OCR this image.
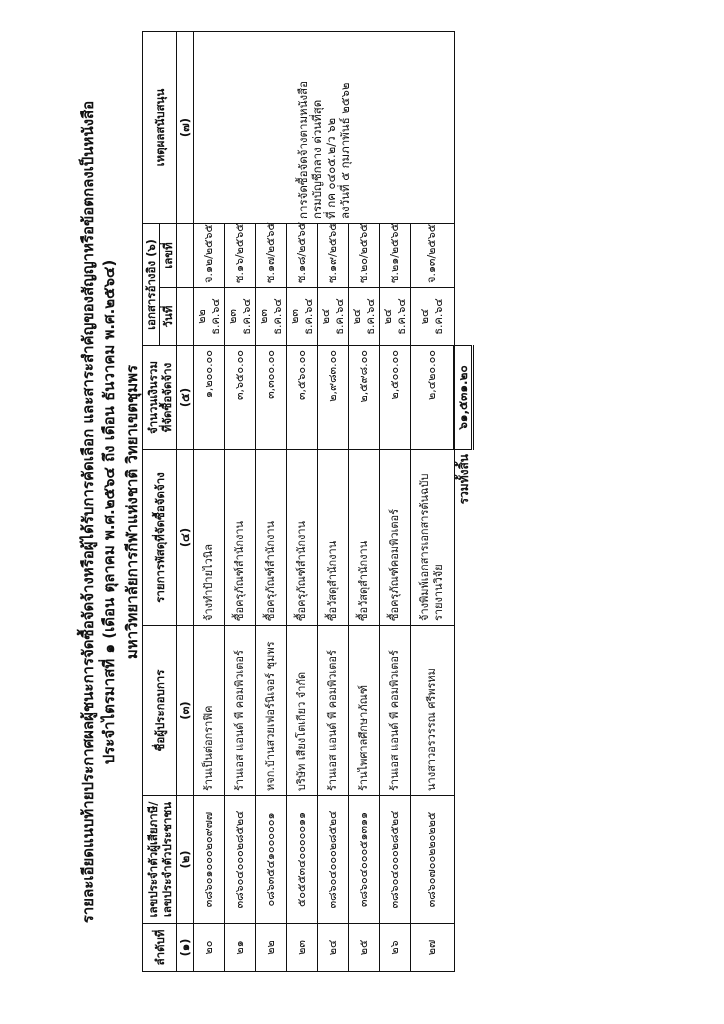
รายละเอียดแนบท้ายประกาศผลผู้ชนะการจัดซื้อจัดจ้างหรือผู้ได้รับการคัดเลือก และสาระสำคัญของสัญญาหรือข้อตกลงเป็นหนังสือ ประจำไตรมาสที่ ๑ (เดือน ตุลาคม พ.ศ.๒๕๖๔ ถึง เดือน ธันวาคม พ.ศ.๒๕๖๔) มหาวิทยาลัยการกีฬาแห่งชาติ วิทยาเขตชุมพร
ลำดับที่	เลขประจำตัวผู้เสียภาษี/ เลขประจำตัวประชาชน	ชื่อผู้ประกอบการ	รายการพัสดุที่จัดซื้อจัดจ้าง	จำนวนเงินรวม ที่จัดซื้อจัดจ้าง	เอกสารอ้างอิง (๖)		เหตุผลสนับสนุน

					วันที่	เลขที่	
(๑)	(๒)	(๓)	(๔)	(๕)			(๗)
๒๐	๓๘๖๐๑๐๐๐๒๐๙๗๗	ร้านเป็นต่อกราฟิค	จ้างทำป้ายไวนิล	๑,๒๐๐.๐๐	๒๒ ธ.ค.๖๔	จ.๑๒/๒๕๖๕	การจัดซื้อจัดจ้างตามหนังสือ กรมบัญชีกลาง ด่วนที่สุด ที่ กค ๐๔๐๕.๒/ว ๖๒ ลงวันที่ ๕ กุมภาพันธ์ ๒๕๖๒

๒๑	๓๘๖๐๔๐๐๐๒๘๕๒๔	ร้านเอส แอนด์ พี คอมพิวเตอร์	ซื้อครุภัณฑ์สำนักงาน	๓,๖๕๐.๐๐	๒๓ ธ.ค.๖๔	ซ.๑๖/๒๕๖๕	
๒๒	๐๘๖๓๕๔๑๐๐๐๐๐๑	หจก.บ้านสวยเฟอร์นิเจอร์ ชุมพร	ซื้อครุภัณฑ์สำนักงาน	๓,๓๐๐.๐๐	๒๓ ธ.ค.๖๔	ซ.๑๗/๒๕๖๕	
๒๓	๕๐๕๕๓๔๐๐๐๐๐๑๑	บริษัท เสียงโตเกียว จำกัด	ซื้อครุภัณฑ์สำนักงาน	๓,๕๖๐.๐๐	๒๓ ธ.ค.๖๔	ซ.๑๘/๒๕๖๕	
๒๔	๓๘๖๐๔๐๐๐๒๘๕๒๔	ร้านเอส แอนด์ พี คอมพิวเตอร์	ซื้อวัสดุสำนักงาน	๒,๙๘๓.๐๐	๒๔ ธ.ค.๖๔	ซ.๑๙/๒๕๖๕	
๒๕	๓๘๖๐๔๐๐๐๕๑๓๑๑	ร้านไพศาลศึกษาภัณฑ์	ซื้อวัสดุสำนักงาน	๒,๕๙๘.๐๐	๒๔ ธ.ค.๖๔	ซ.๒๐/๒๕๖๕	
๒๖	๓๘๖๐๔๐๐๐๒๘๕๒๔	ร้านเอส แอนด์ พี คอมพิวเตอร์	ซื้อครุภัณฑ์คอมพิวเตอร์	๒,๕๐๐.๐๐	๒๔ ธ.ค.๖๔	ซ.๒๑/๒๕๖๕	
๒๗	๓๘๖๐๗๐๐๒๒๐๒๒๕	นางสาวอรวรรณ ศรีพรหม	จ้างพิมพ์เอกสารเอกสารต้นฉบับรายงานวิจัย	๒,๔๒๐.๐๐	๒๔ ธ.ค.๖๔	จ.๑๓/๒๕๖๕	
			รวมทั้งสิ้น	๖๑,๕๓๑.๒๐			
